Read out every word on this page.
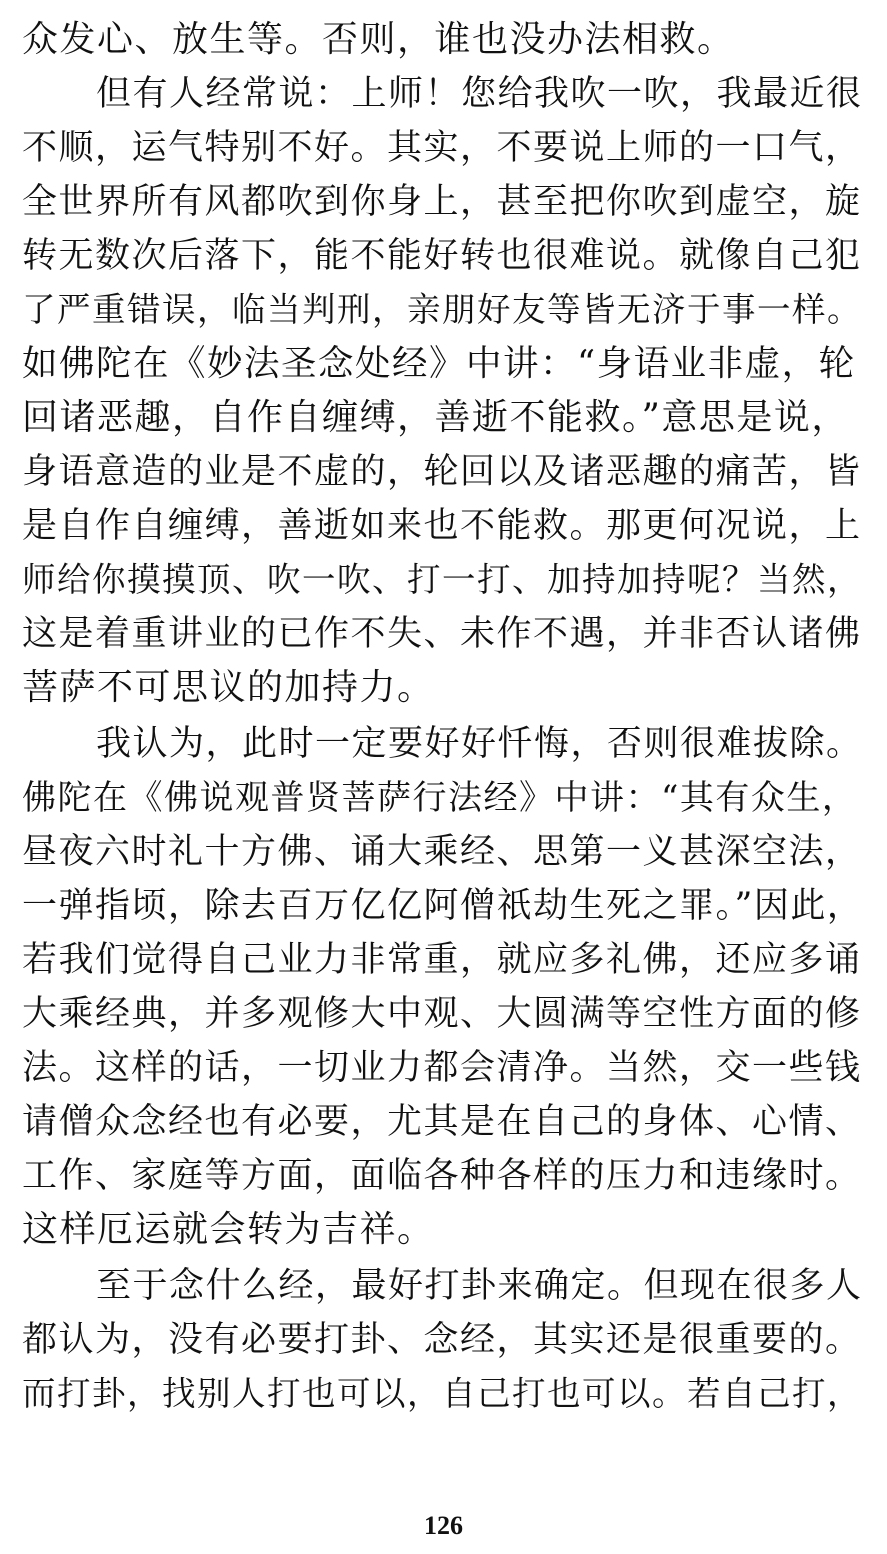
众发心、放生等。否则，谁也没办法相救。
但有人经常说：上师！您给我吹一吹，我最近很
不顺，运气特别不好。其实，不要说上师的一口气，
全世界所有风都吹到你身上，甚至把你吹到虚空，旋
转无数次后落下，能不能好转也很难说。就像自己犯
了严重错误，临当判刑，亲朋好友等皆无济于事一样。
如佛陀在《妙法圣念处经》中讲：“身语业非虚，轮
回诸恶趣，自作自缠缚，善逝不能救。”意思是说，
身语意造的业是不虚的，轮回以及诸恶趣的痛苦，皆
是自作自缠缚，善逝如来也不能救。那更何况说，上
师给你摸摸顶、吹一吹、打一打、加持加持呢？当然，
这是着重讲业的已作不失、未作不遇，并非否认诸佛
菩萨不可思议的加持力。
我认为，此时一定要好好忏悔，否则很难拔除。
佛陀在《佛说观普贤菩萨行法经》中讲：“其有众生，
昼夜六时礼十方佛、诵大乘经、思第一义甚深空法，
一弹指顷，除去百万亿亿阿僧祇劫生死之罪。”因此，
若我们觉得自己业力非常重，就应多礼佛，还应多诵
大乘经典，并多观修大中观、大圆满等空性方面的修
法。这样的话，一切业力都会清净。当然，交一些钱
请僧众念经也有必要，尤其是在自己的身体、心情、
工作、家庭等方面，面临各种各样的压力和违缘时。
这样厄运就会转为吉祥。
至于念什么经，最好打卦来确定。但现在很多人
都认为，没有必要打卦、念经，其实还是很重要的。
而打卦，找别人打也可以，自己打也可以。若自己打，
126
